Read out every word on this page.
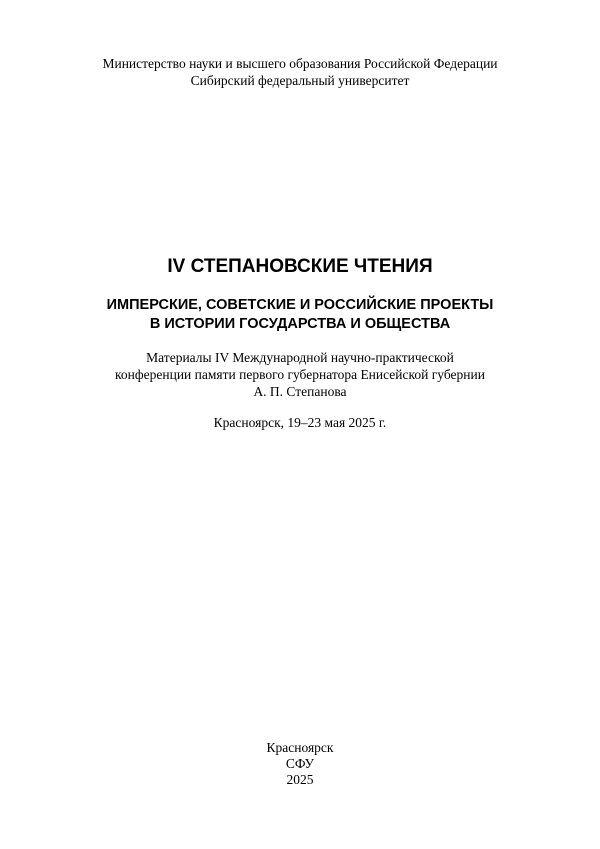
Министерство науки и высшего образования Российской Федерации
Сибирский федеральный университет
IV СТЕПАНОВСКИЕ ЧТЕНИЯ
ИМПЕРСКИЕ, СОВЕТСКИЕ И РОССИЙСКИЕ ПРОЕКТЫ
В ИСТОРИИ ГОСУДАРСТВА И ОБЩЕСТВА
Материалы IV Международной научно-практической
конференции памяти первого губернатора Енисейской губернии
А. П. Степанова
Красноярск, 19–23 мая 2025 г.
Красноярск
СФУ
2025
